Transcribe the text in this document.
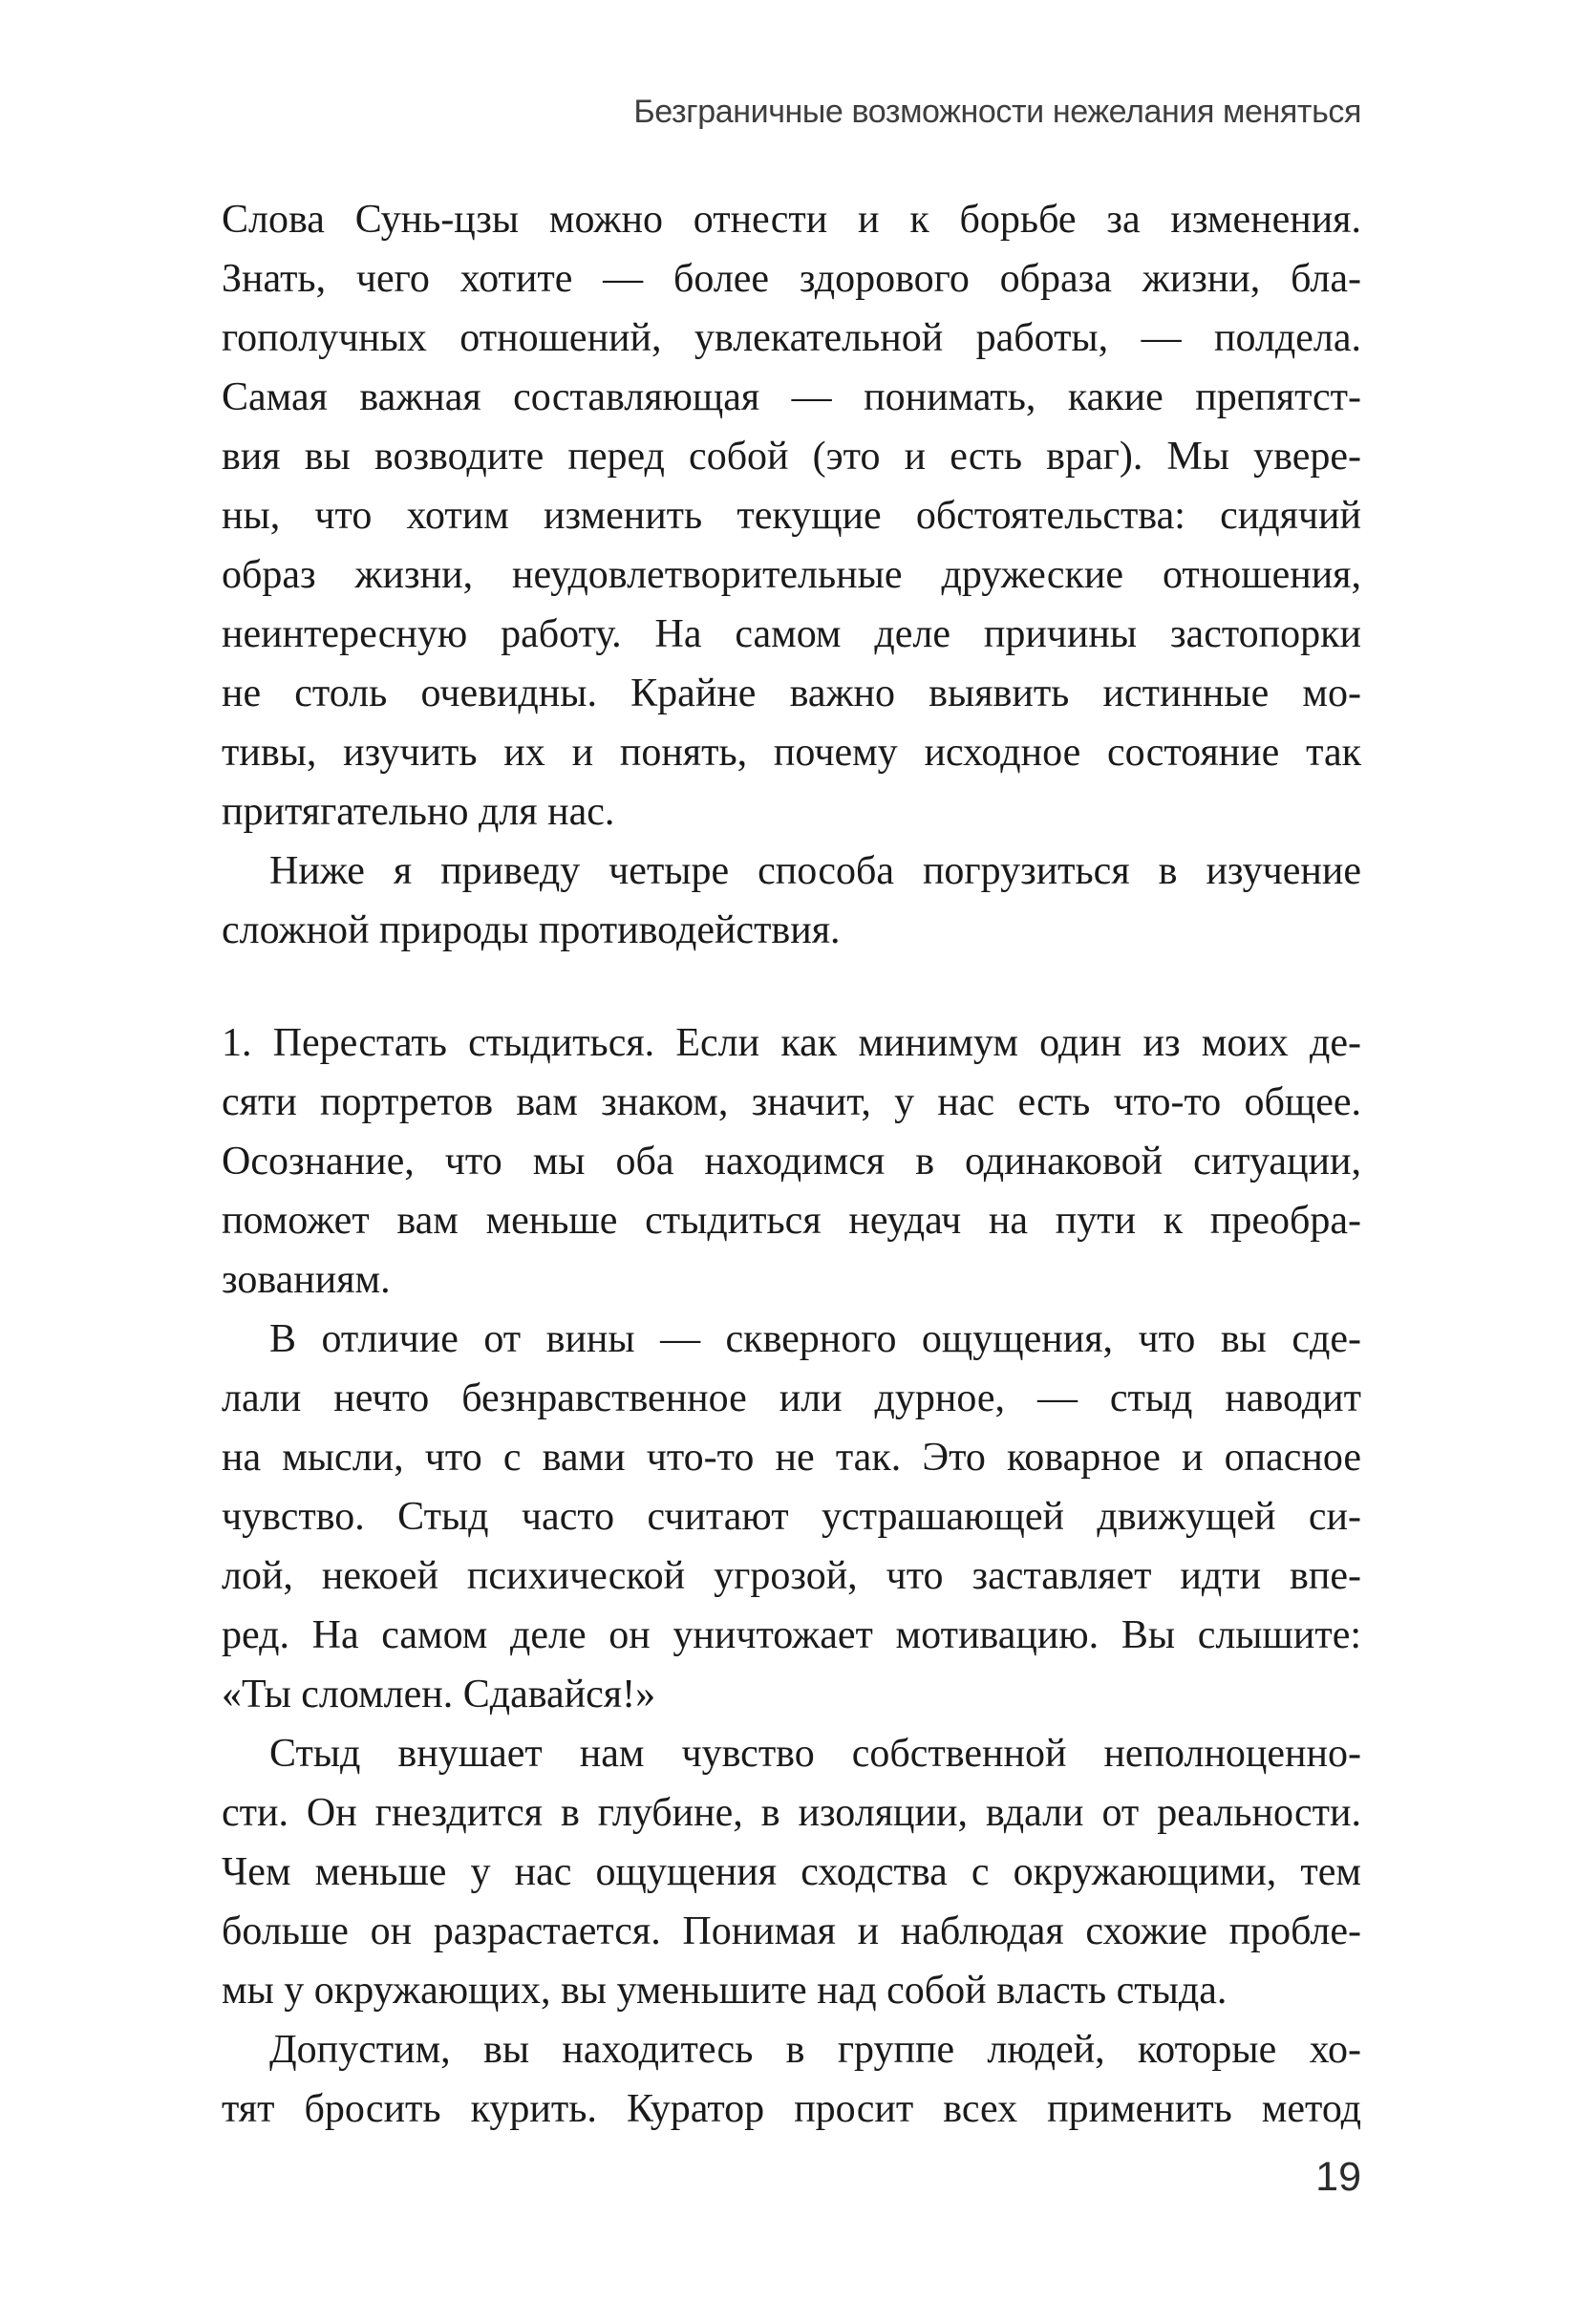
Безграничные возможности нежелания меняться
Слова Сунь-цзы можно отнести и к борьбе за изменения.
Знать, чего хотите — более здорового образа жизни, бла-
гополучных отношений, увлекательной работы, — полдела.
Самая важная составляющая — понимать, какие препятст-
вия вы возводите перед собой (это и есть враг). Мы увере-
ны, что хотим изменить текущие обстоятельства: сидячий
образ жизни, неудовлетворительные дружеские отношения,
неинтересную работу. На самом деле причины застопорки
не столь очевидны. Крайне важно выявить истинные мо-
тивы, изучить их и понять, почему исходное состояние так
притягательно для нас.
Ниже я приведу четыре способа погрузиться в изучение
сложной природы противодействия.
1. Перестать стыдиться. Если как минимум один из моих де-
сяти портретов вам знаком, значит, у нас есть что-то общее.
Осознание, что мы оба находимся в одинаковой ситуации,
поможет вам меньше стыдиться неудач на пути к преобра-
зованиям.
В отличие от вины — скверного ощущения, что вы сде-
лали нечто безнравственное или дурное, — стыд наводит
на мысли, что с вами что-то не так. Это коварное и опасное
чувство. Стыд часто считают устрашающей движущей си-
лой, некоей психической угрозой, что заставляет идти впе-
ред. На самом деле он уничтожает мотивацию. Вы слышите:
«Ты сломлен. Сдавайся!»
Стыд внушает нам чувство собственной неполноценно-
сти. Он гнездится в глубине, в изоляции, вдали от реальности.
Чем меньше у нас ощущения сходства с окружающими, тем
больше он разрастается. Понимая и наблюдая схожие пробле-
мы у окружающих, вы уменьшите над собой власть стыда.
Допустим, вы находитесь в группе людей, которые хо-
тят бросить курить. Куратор просит всех применить метод
19
